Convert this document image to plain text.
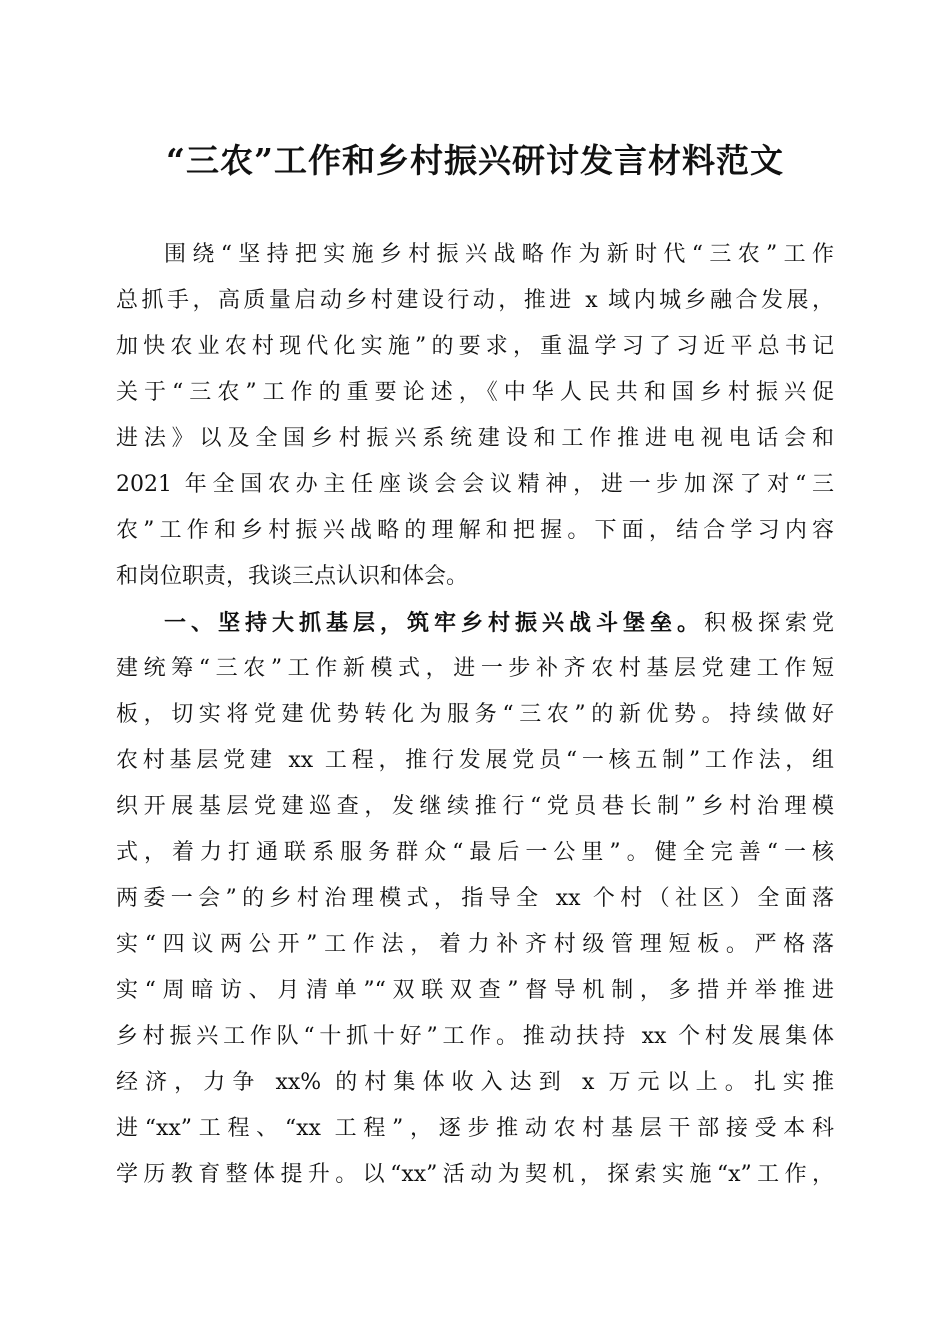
“三农”工作和乡村振兴研讨发言材料范文
围绕“坚持把实施乡村振兴战略作为新时代“三农”工作
总抓手，高质量启动乡村建设行动，推进 x 域内城乡融合发展，
加快农业农村现代化实施”的要求，重温学习了习近平总书记
关于“三农”工作的重要论述，《中华人民共和国乡村振兴促
进法》以及全国乡村振兴系统建设和工作推进电视电话会和
2021 年全国农办主任座谈会会议精神，进一步加深了对“三
农”工作和乡村振兴战略的理解和把握。下面，结合学习内容
和岗位职责，我谈三点认识和体会。
一、坚持大抓基层，筑牢乡村振兴战斗堡垒。积极探索党
建统筹“三农”工作新模式，进一步补齐农村基层党建工作短
板，切实将党建优势转化为服务“三农”的新优势。持续做好
农村基层党建 xx 工程，推行发展党员“一核五制”工作法，组
织开展基层党建巡查，发继续推行“党员巷长制”乡村治理模
式，着力打通联系服务群众“最后一公里”。健全完善“一核
两委一会”的乡村治理模式，指导全 xx 个村（社区）全面落
实“四议两公开”工作法，着力补齐村级管理短板。严格落
实“周暗访、月清单”“双联双查”督导机制，多措并举推进
乡村振兴工作队“十抓十好”工作。推动扶持 xx 个村发展集体
经济，力争 xx% 的村集体收入达到 x 万元以上。扎实推
进“xx”工程、“xx 工程”，逐步推动农村基层干部接受本科
学历教育整体提升。以“xx”活动为契机，探索实施“x”工作，
